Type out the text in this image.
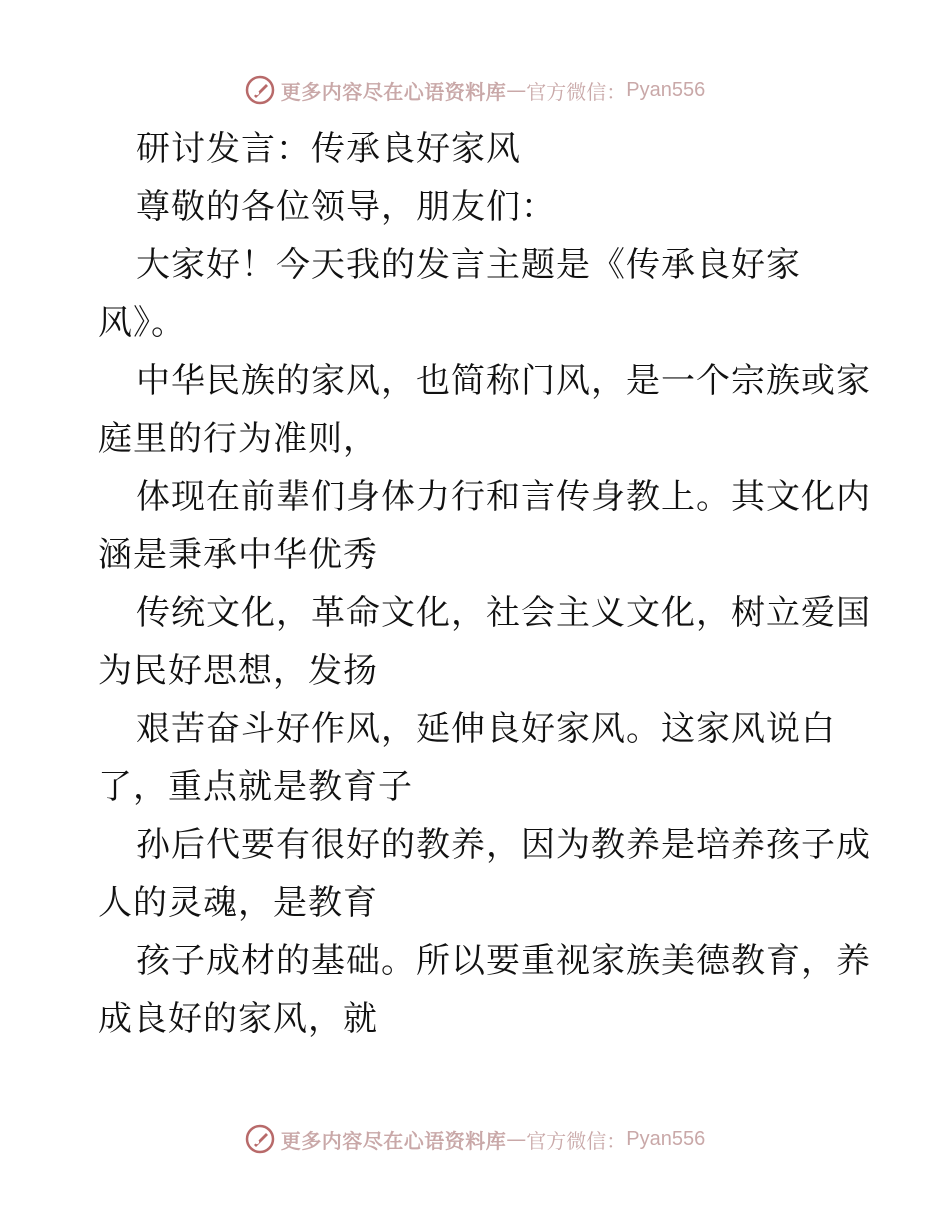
更多内容尽在心语资料库 — 官方微信： Pyan556
研讨发言：传承良好家风
尊敬的各位领导，朋友们：
大家好！今天我的发言主题是《传承良好家
风》。
中华民族的家风，也简称门风，是一个宗族或家
庭里的行为准则，
体现在前辈们身体力行和言传身教上。其文化内
涵是秉承中华优秀
传统文化，革命文化，社会主义文化，树立爱国
为民好思想，发扬
艰苦奋斗好作风，延伸良好家风。这家风说白
了，重点就是教育子
孙后代要有很好的教养，因为教养是培养孩子成
人的灵魂，是教育
孩子成材的基础。所以要重视家族美德教育，养
成良好的家风，就
更多内容尽在心语资料库 — 官方微信： Pyan556
